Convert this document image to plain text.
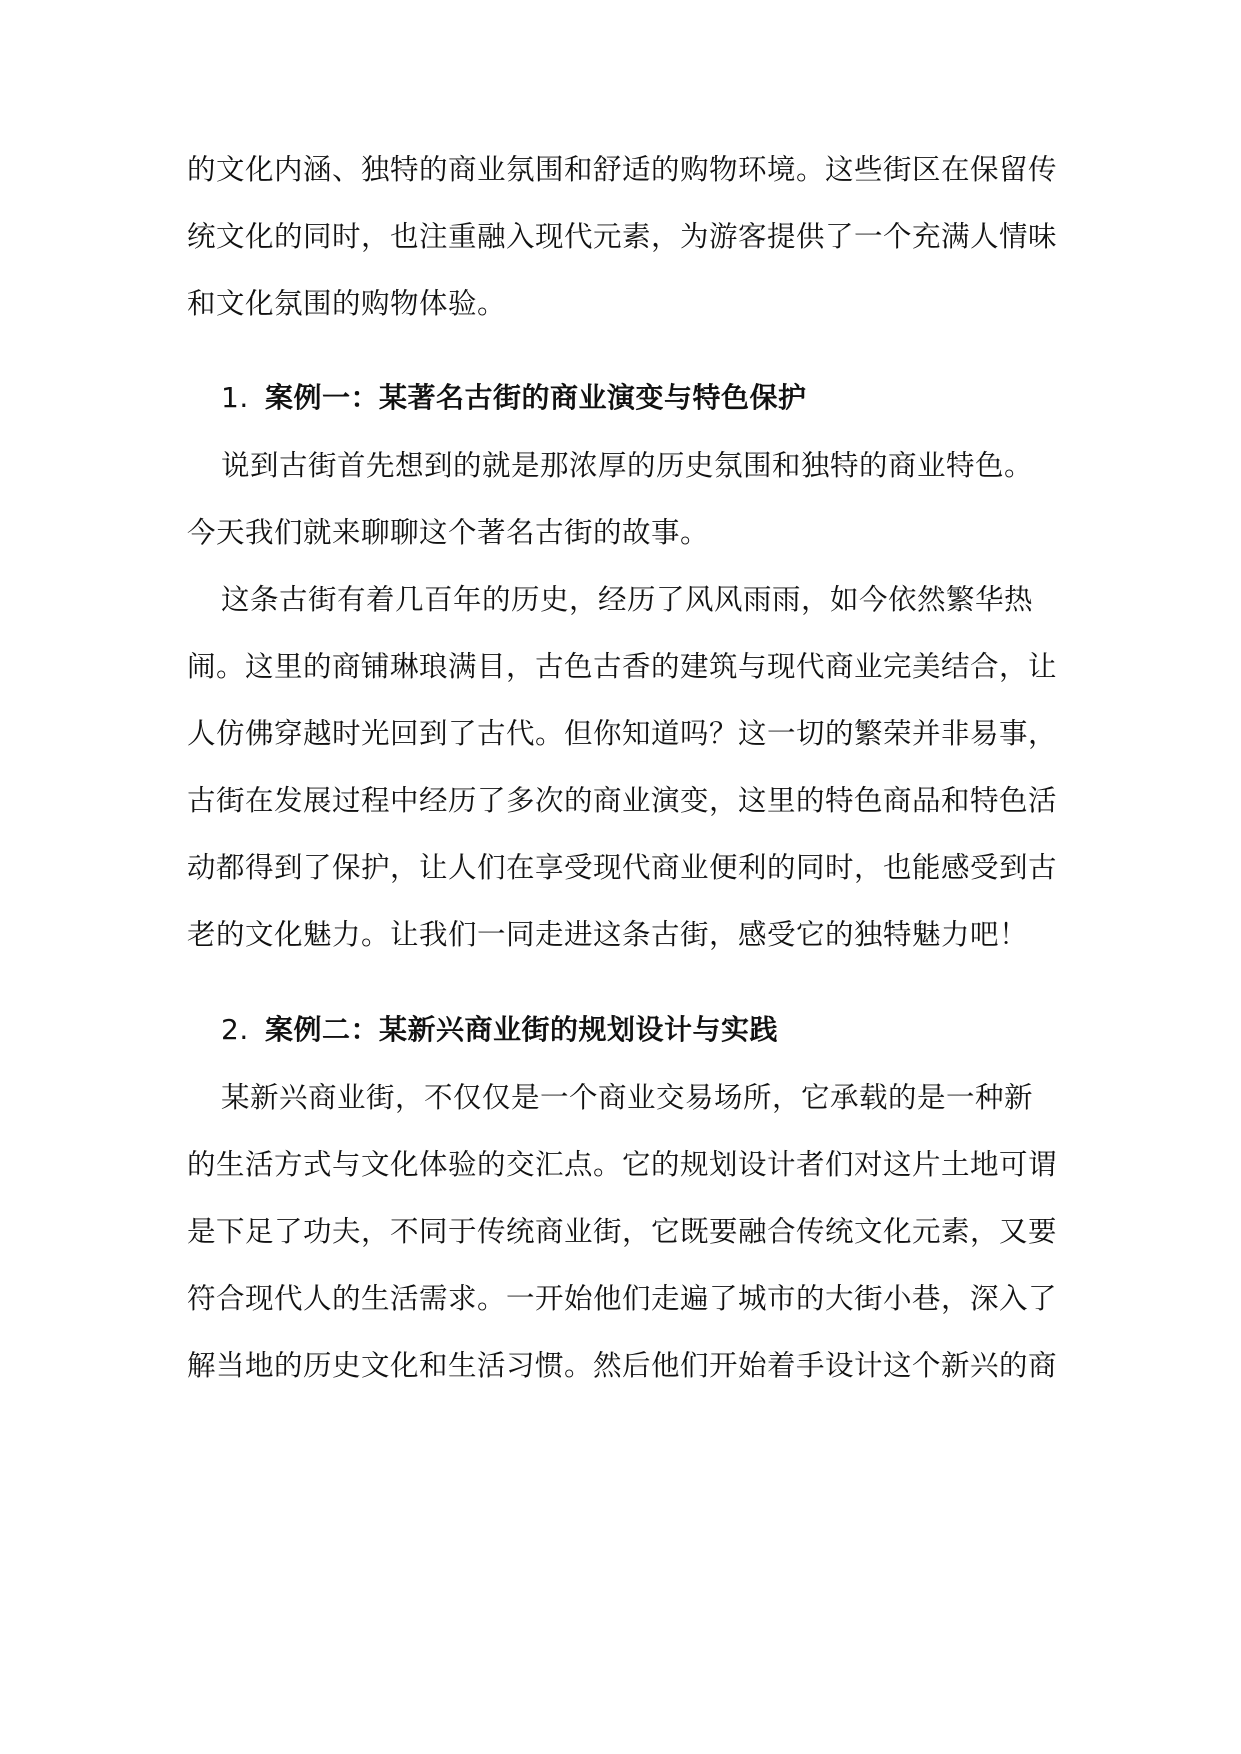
的文化内涵、独特的商业氛围和舒适的购物环境。这些街区在保留传
统文化的同时，也注重融入现代元素，为游客提供了一个充满人情味
和文化氛围的购物体验。
1. 案例一：某著名古街的商业演变与特色保护
说到古街首先想到的就是那浓厚的历史氛围和独特的商业特色。
今天我们就来聊聊这个著名古街的故事。
这条古街有着几百年的历史，经历了风风雨雨，如今依然繁华热
闹。这里的商铺琳琅满目，古色古香的建筑与现代商业完美结合，让
人仿佛穿越时光回到了古代。但你知道吗？这一切的繁荣并非易事，
古街在发展过程中经历了多次的商业演变，这里的特色商品和特色活
动都得到了保护，让人们在享受现代商业便利的同时，也能感受到古
老的文化魅力。让我们一同走进这条古街，感受它的独特魅力吧！
2. 案例二：某新兴商业街的规划设计与实践
某新兴商业街，不仅仅是一个商业交易场所，它承载的是一种新
的生活方式与文化体验的交汇点。它的规划设计者们对这片土地可谓
是下足了功夫，不同于传统商业街，它既要融合传统文化元素，又要
符合现代人的生活需求。一开始他们走遍了城市的大街小巷，深入了
解当地的历史文化和生活习惯。然后他们开始着手设计这个新兴的商
